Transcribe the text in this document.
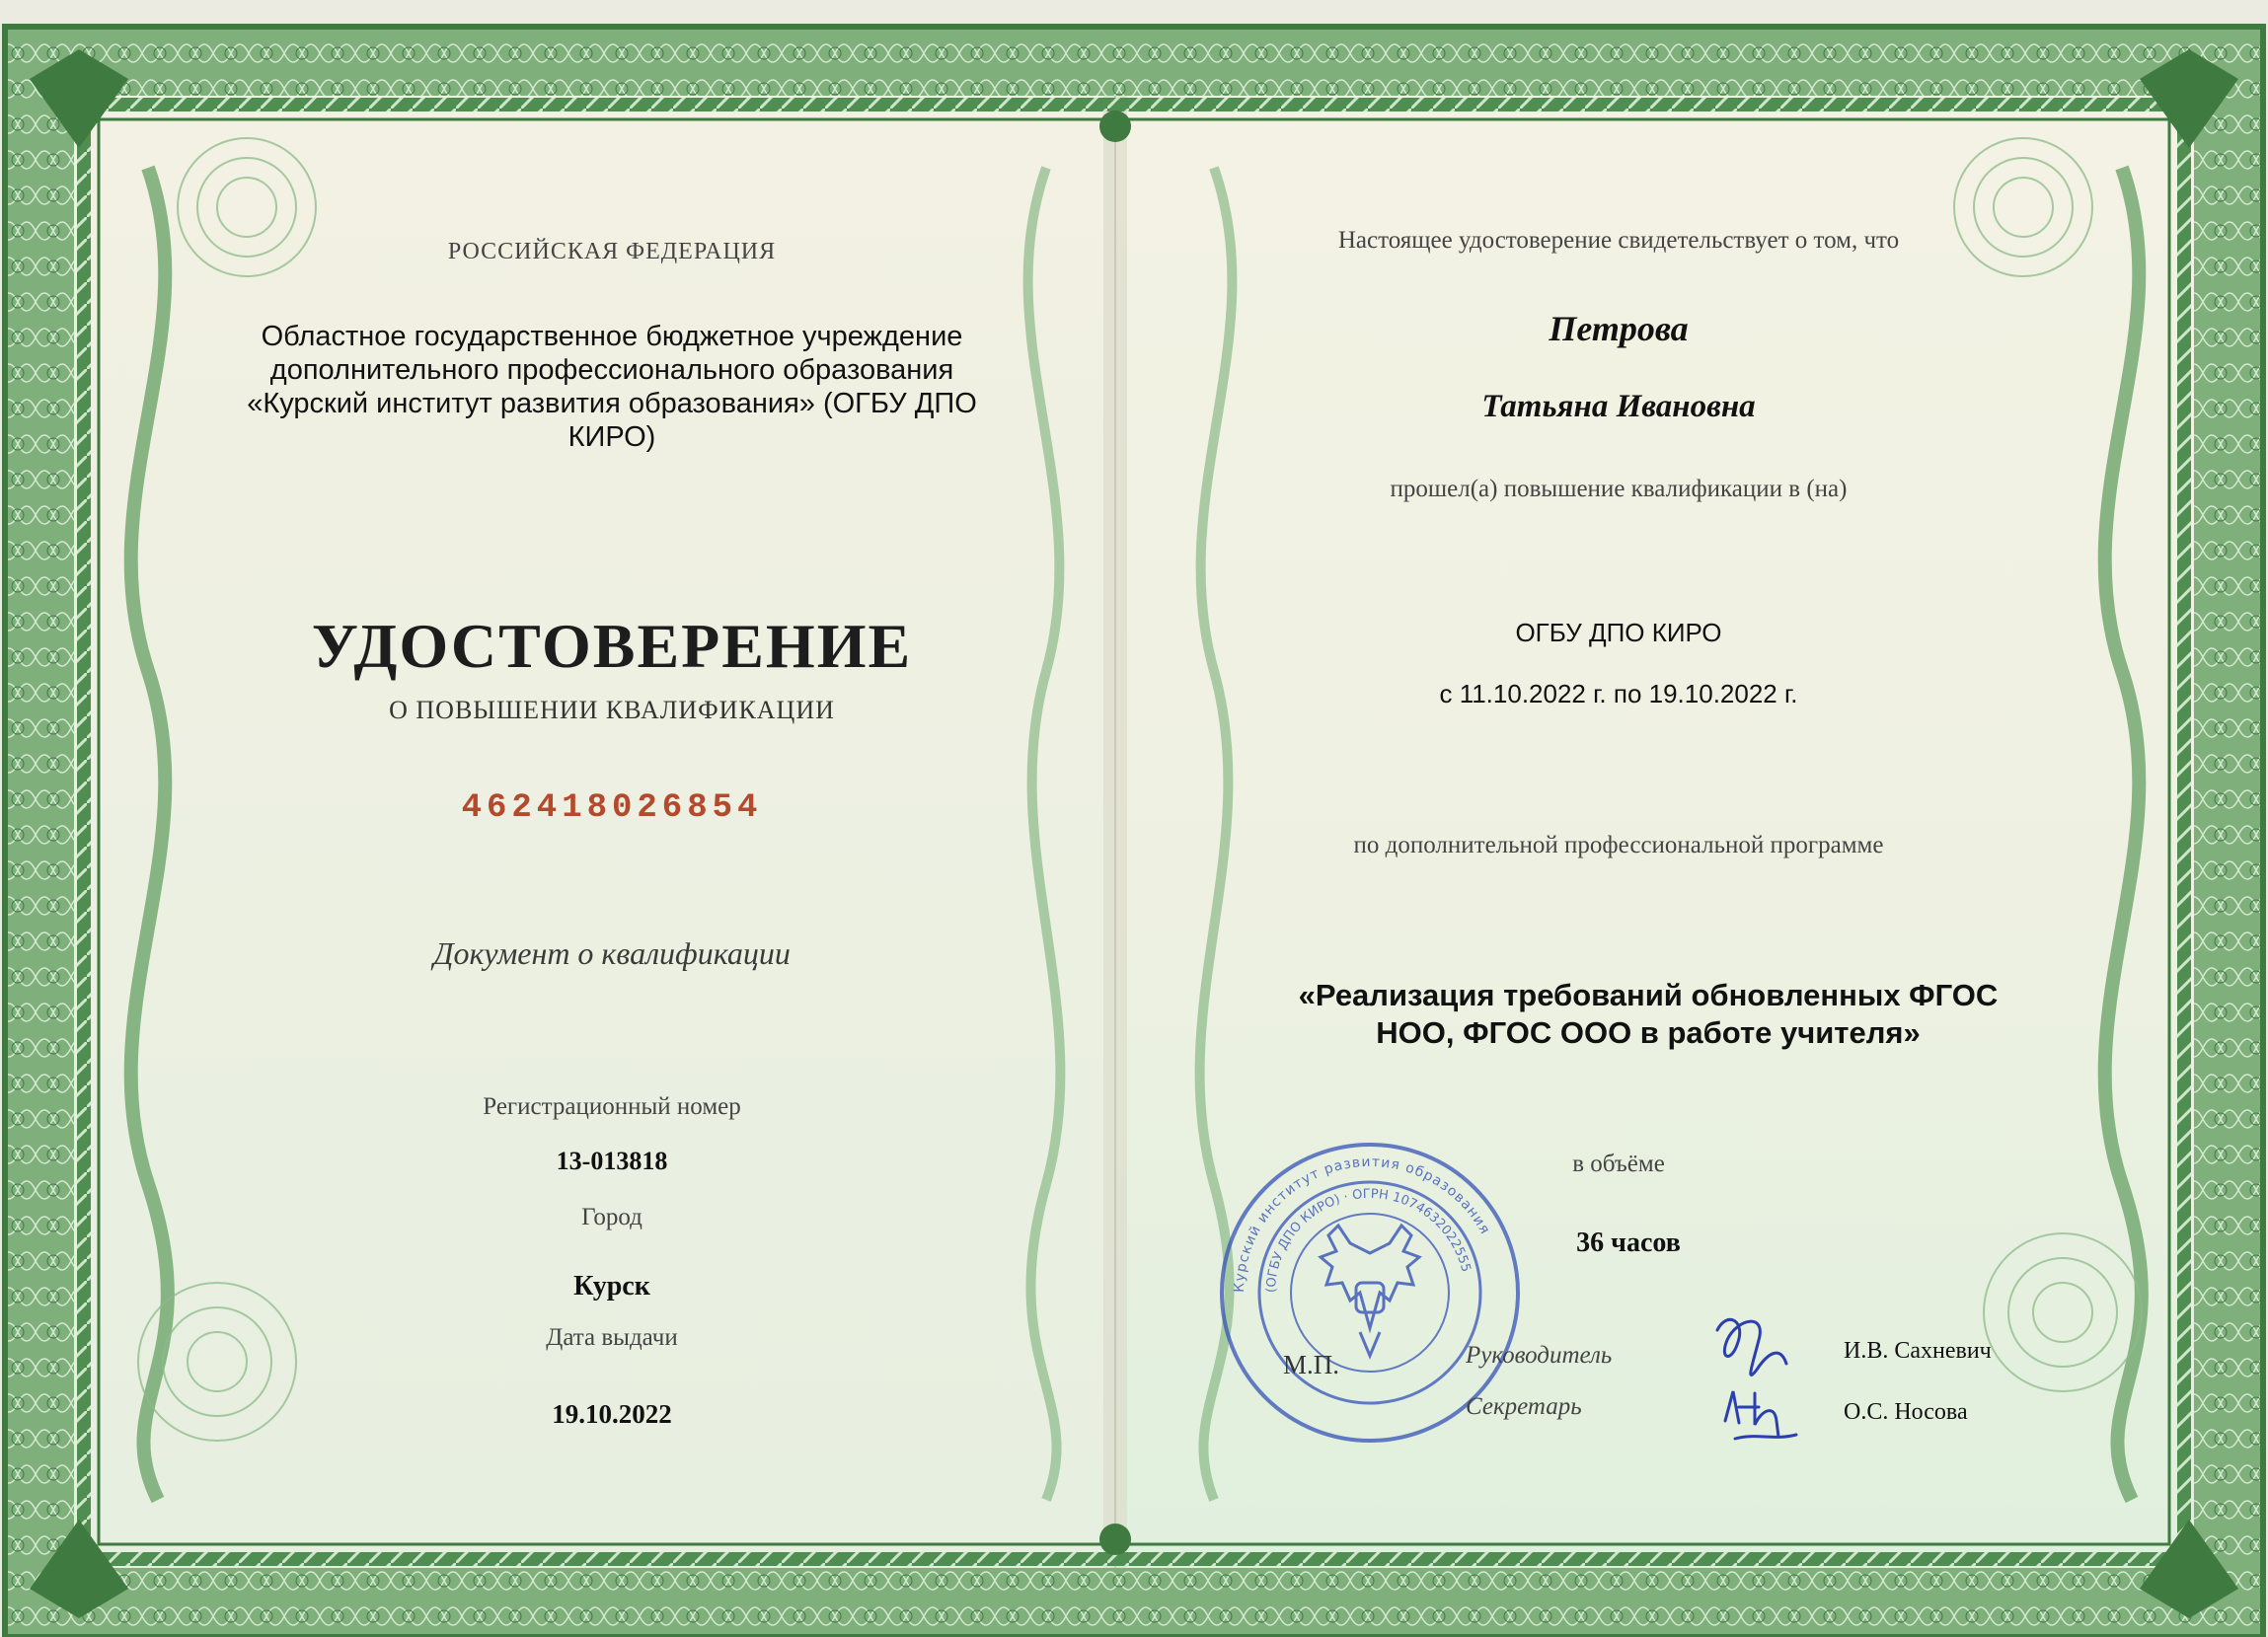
РОССИЙСКАЯ ФЕДЕРАЦИЯ
Областное государственное бюджетное учреждение дополнительного профессионального образования «Курский институт развития образования» (ОГБУ ДПО КИРО)
УДОСТОВЕРЕНИЕ
О ПОВЫШЕНИИ КВАЛИФИКАЦИИ
462418026854
Документ о квалификации
Регистрационный номер
13-013818
Город
Курск
Дата выдачи
19.10.2022
Настоящее удостоверение свидетельствует о том, что
Петрова
Татьяна Ивановна
прошел(а) повышение квалификации в (на)
ОГБУ ДПО КИРО
с 11.10.2022 г. по 19.10.2022 г.
по дополнительной профессиональной программе
«Реализация требований обновленных ФГОС НОО, ФГОС ООО в работе учителя»
в объёме
36 часов
Курский институт развития образования
(ОГБУ ДПО КИРО) · ОГРН 1074632022555
М.П.	Руководитель
Секретарь
И.В. Сахневич
О.С. Носова
